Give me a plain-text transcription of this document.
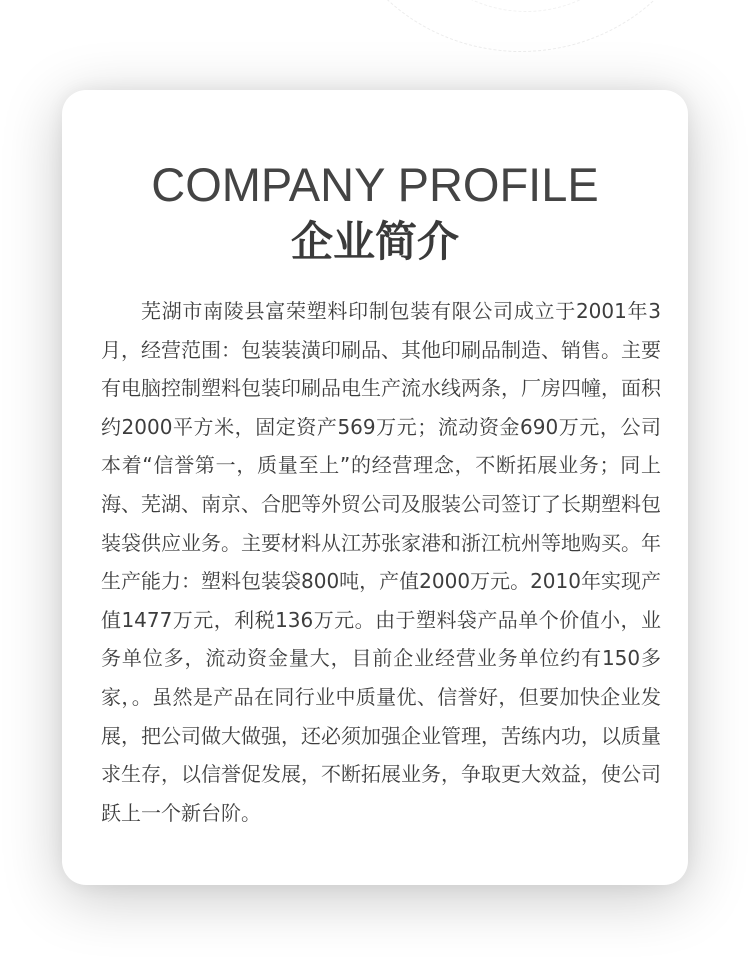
COMPANY PROFILE
企业简介

芜湖市南陵县富荣塑料印制包装有限公司成立于2001年3月，经营范围：包装装潢印刷品、其他印刷品制造、销售。主要有电脑控制塑料包装印刷品电生产流水线两条，厂房四幢，面积约2000平方米，固定资产569万元；流动资金690万元，公司本着“信誉第一，质量至上”的经营理念，不断拓展业务；同上海、芜湖、南京、合肥等外贸公司及服装公司签订了长期塑料包装袋供应业务。主要材料从江苏张家港和浙江杭州等地购买。年生产能力：塑料包装袋800吨，产值2000万元。2010年实现产值1477万元，利税136万元。由于塑料袋产品单个价值小，业务单位多，流动资金量大，目前企业经营业务单位约有150多家，。虽然是产品在同行业中质量优、信誉好，但要加快企业发展，把公司做大做强，还必须加强企业管理，苦练内功，以质量求生存，以信誉促发展，不断拓展业务，争取更大效益，使公司跃上一个新台阶。
